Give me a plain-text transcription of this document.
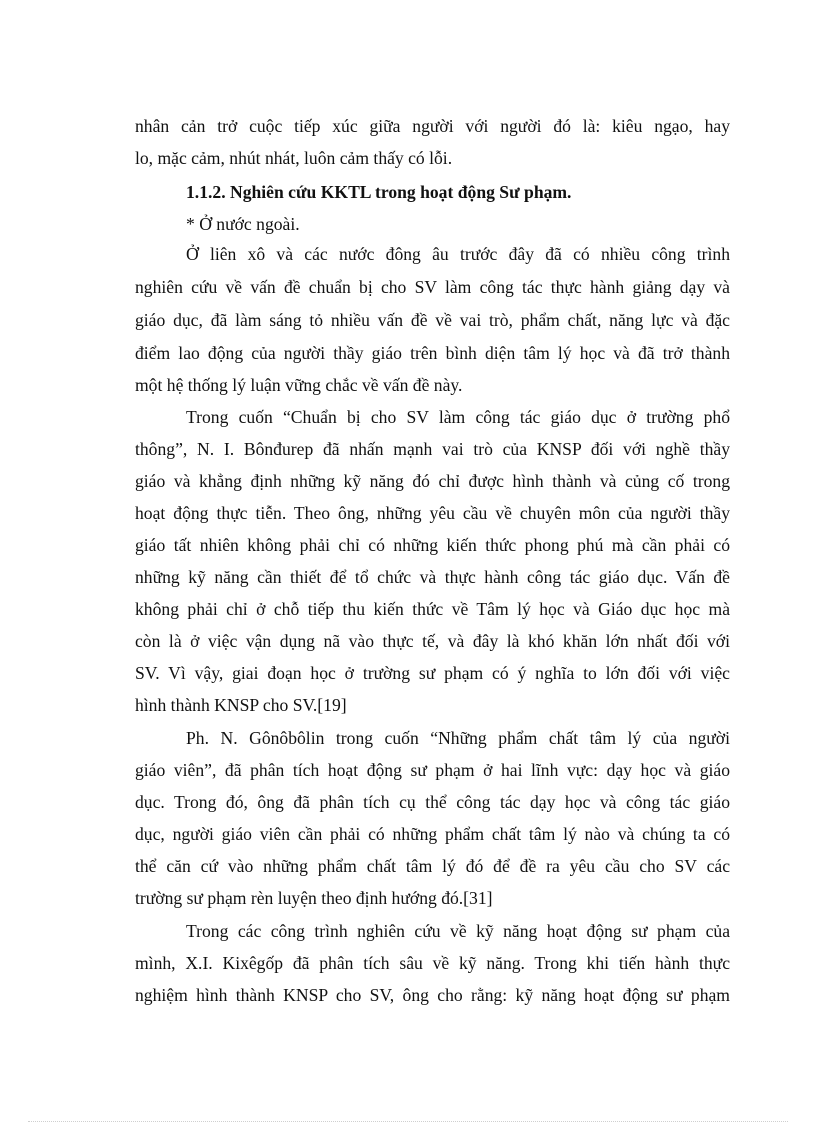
nhân cản trở cuộc tiếp xúc giữa người với người đó là: kiêu ngạo, hay
lo, mặc cảm, nhút nhát, luôn cảm thấy có lỗi.
1.1.2. Nghiên cứu KKTL trong hoạt động Sư phạm.
* Ở nước ngoài.
Ở liên xô và các nước đông âu trước đây đã có nhiều công trình
nghiên cứu về vấn đề chuẩn bị cho SV làm công tác thực hành giảng dạy và
giáo dục, đã làm sáng tỏ nhiều vấn đề về vai trò, phẩm chất, năng lực và đặc
điểm lao động của người thầy giáo trên bình diện tâm lý học và đã trở thành
một hệ thống lý luận vững chắc về vấn đề này.
Trong cuốn “Chuẩn bị cho SV làm công tác giáo dục ở trường phổ
thông”, N. I. Bônđurep đã nhấn mạnh vai trò của KNSP đối với nghề thầy
giáo và khẳng định những kỹ năng đó chỉ được hình thành và củng cố trong
hoạt động thực tiễn. Theo ông, những yêu cầu về chuyên môn của người thầy
giáo tất nhiên không phải chỉ có những kiến thức phong phú mà cần phải có
những kỹ năng cần thiết để tổ chức và thực hành công tác giáo dục. Vấn đề
không phải chỉ ở chỗ tiếp thu kiến thức về Tâm lý học và Giáo dục học mà
còn là ở việc vận dụng nã vào thực tế, và đây là khó khăn lớn nhất đối với
SV. Vì vậy, giai đoạn học ở trường sư phạm có ý nghĩa to lớn đối với việc
hình thành KNSP cho SV.[19]
Ph. N. Gônôbôlin trong cuốn “Những phẩm chất tâm lý của người
giáo viên”, đã phân tích hoạt động sư phạm ở hai lĩnh vực: dạy học và giáo
dục. Trong đó, ông đã phân tích cụ thể công tác dạy học và công tác giáo
dục, người giáo viên cần phải có những phẩm chất tâm lý nào và chúng ta có
thể căn cứ vào những phẩm chất tâm lý đó để đề ra yêu cầu cho SV các
trường sư phạm rèn luyện theo định hướng đó.[31]
Trong các công trình nghiên cứu về kỹ năng hoạt động sư phạm của
mình, X.I. Kixêgốp đã phân tích sâu về kỹ năng. Trong khi tiến hành thực
nghiệm hình thành KNSP cho SV, ông cho rằng: kỹ năng hoạt động sư phạm
